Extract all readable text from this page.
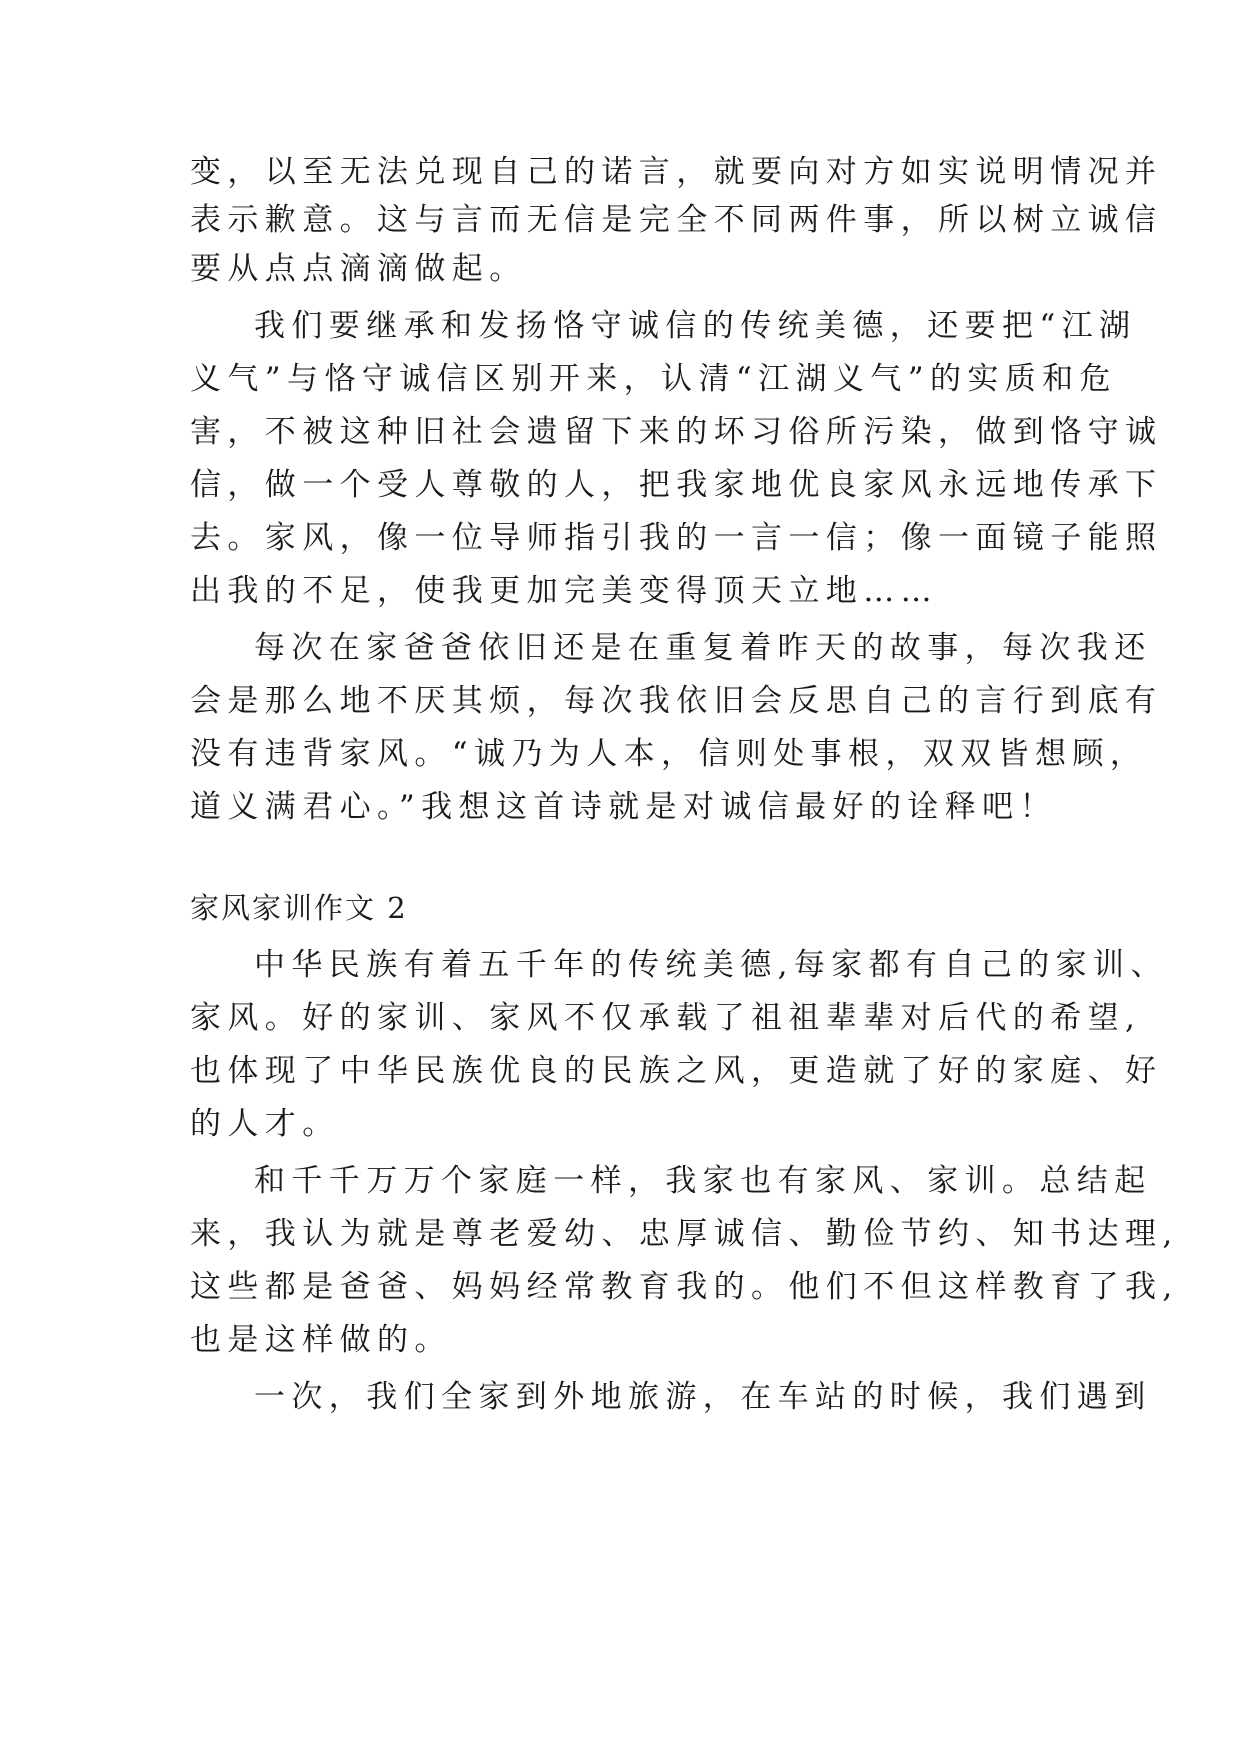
变，以至无法兑现自己的诺言，就要向对方如实说明情况并
表示歉意。这与言而无信是完全不同两件事，所以树立诚信
要从点点滴滴做起。
我们要继承和发扬恪守诚信的传统美德，还要把“江湖
义气”与恪守诚信区别开来，认清“江湖义气”的实质和危
害，不被这种旧社会遗留下来的坏习俗所污染，做到恪守诚
信，做一个受人尊敬的人，把我家地优良家风永远地传承下
去。家风，像一位导师指引我的一言一信；像一面镜子能照
出我的不足，使我更加完美变得顶天立地……
每次在家爸爸依旧还是在重复着昨天的故事，每次我还
会是那么地不厌其烦，每次我依旧会反思自己的言行到底有
没有违背家风。“诚乃为人本，信则处事根，双双皆想顾，
道义满君心。”我想这首诗就是对诚信最好的诠释吧！
家风家训作文 2
中华民族有着五千年的传统美德,每家都有自己的家训、
家风。好的家训、家风不仅承载了祖祖辈辈对后代的希望,
也体现了中华民族优良的民族之风，更造就了好的家庭、好
的人才。
和千千万万个家庭一样，我家也有家风、家训。总结起
来，我认为就是尊老爱幼、忠厚诚信、勤俭节约、知书达理,
这些都是爸爸、妈妈经常教育我的。他们不但这样教育了我,
也是这样做的。
一次，我们全家到外地旅游，在车站的时候，我们遇到
